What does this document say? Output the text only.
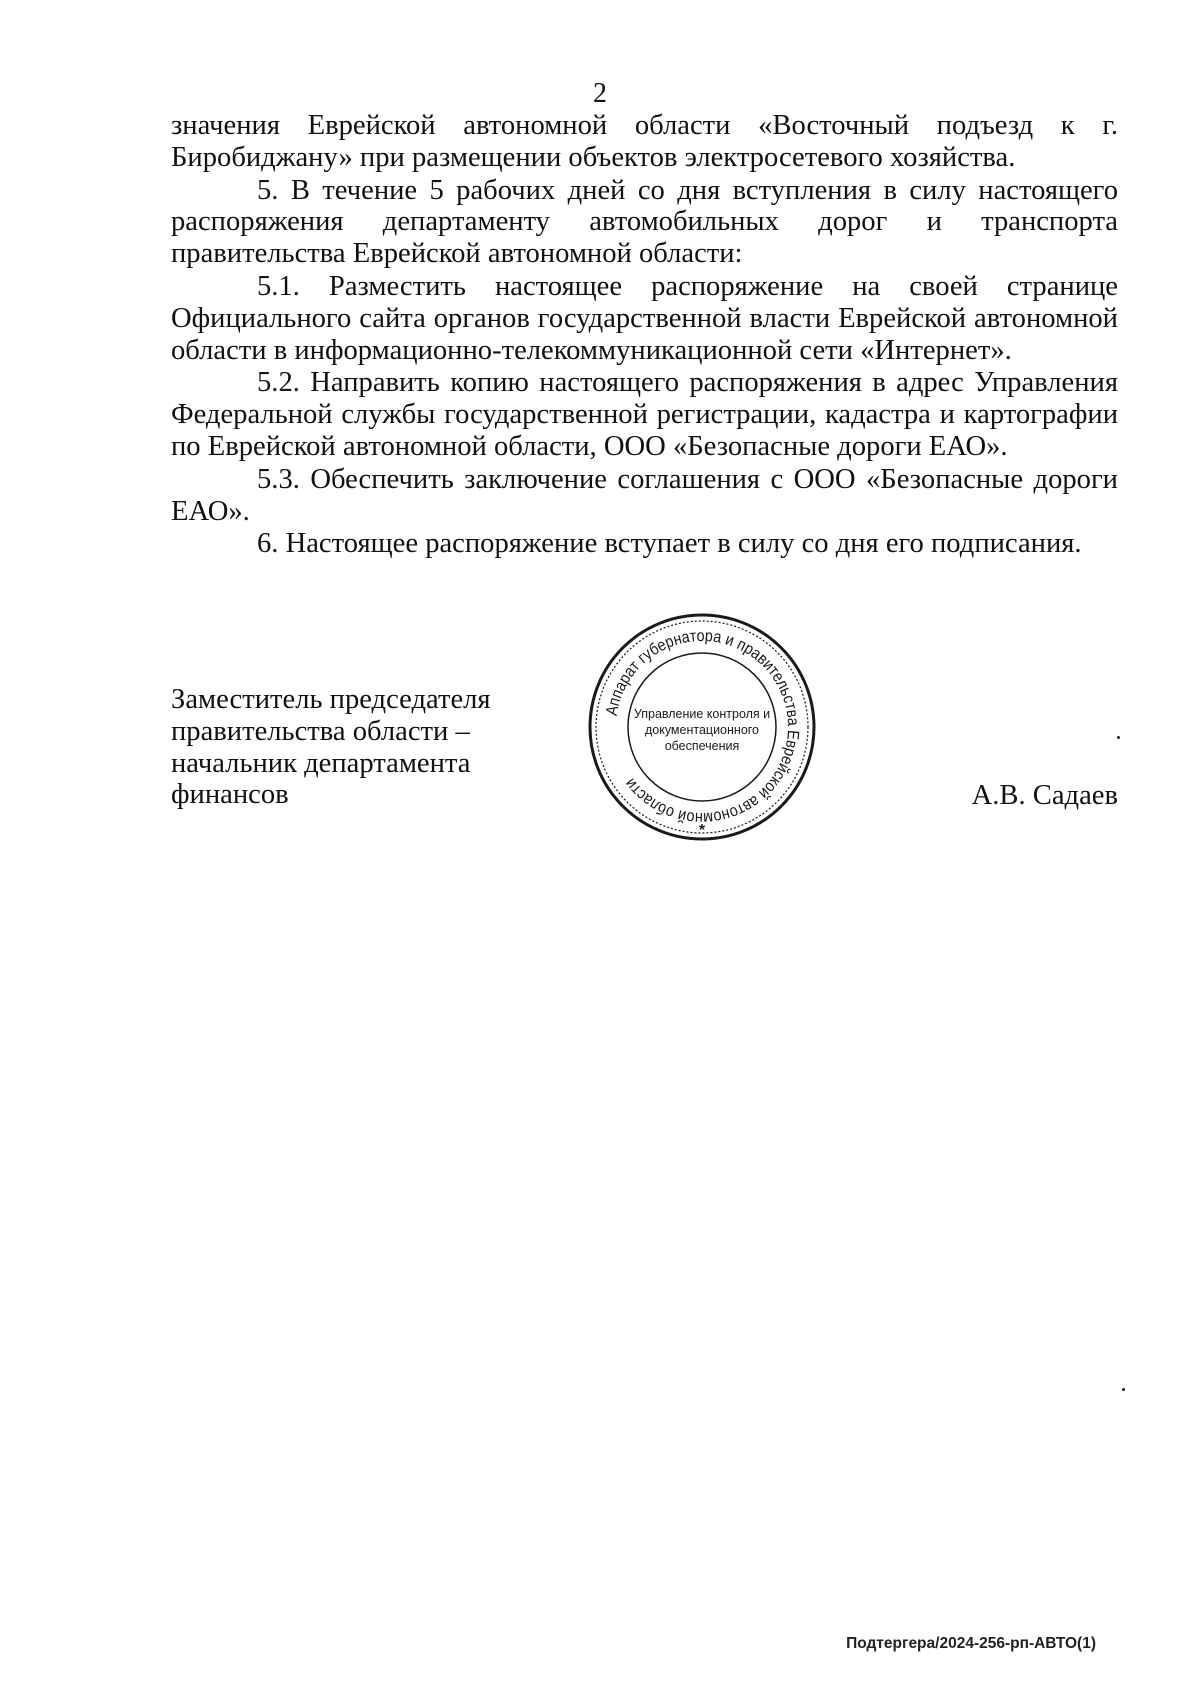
2

значения Еврейской автономной области «Восточный подъезд к г. Биробиджану» при размещении объектов электросетевого хозяйства.

5. В течение 5 рабочих дней со дня вступления в силу настоящего распоряжения департаменту автомобильных дорог и транспорта правительства Еврейской автономной области:

5.1. Разместить настоящее распоряжение на своей странице Официального сайта органов государственной власти Еврейской автономной области в информационно-телекоммуникационной сети «Интернет».

5.2. Направить копию настоящего распоряжения в адрес Управления Федеральной службы государственной регистрации, кадастра и картографии по Еврейской автономной области, ООО «Безопасные дороги ЕАО».

5.3. Обеспечить заключение соглашения с ООО «Безопасные дороги ЕАО».

6. Настоящее распоряжение вступает в силу со дня его подписания.

Заместитель председателя
правительства области –
начальник департамента
финансов	А.В. Садаев
Аппарат губернатора и правительства Еврейской автономной области
Управление контроля и
документационного
обеспечения
*
Подтергера/2024-256-рп-АВТО(1)
